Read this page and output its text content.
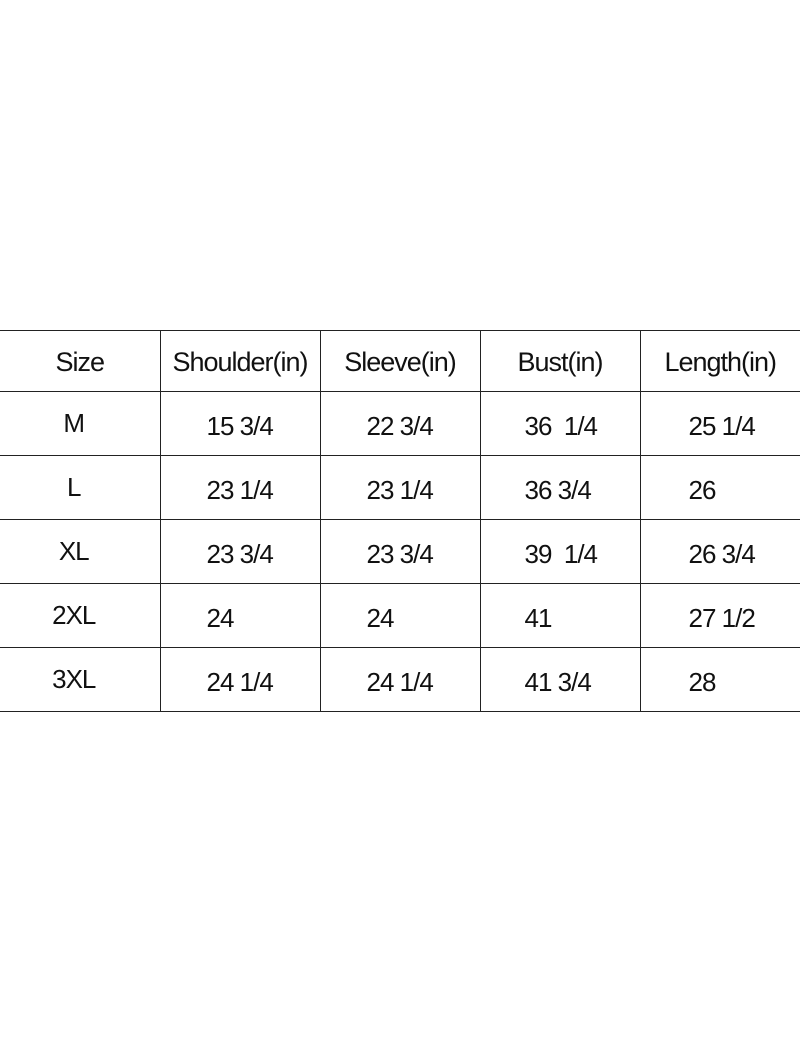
Size	Shoulder(in)	Sleeve(in)	Bust(in)	Length(in)
M	15 3/4	22 3/4	36  1/4	25 1/4
L	23 1/4	23 1/4	36 3/4	26
XL	23 3/4	23 3/4	39  1/4	26 3/4
2XL	24	24	41	27 1/2
3XL	24 1/4	24 1/4	41 3/4	28
